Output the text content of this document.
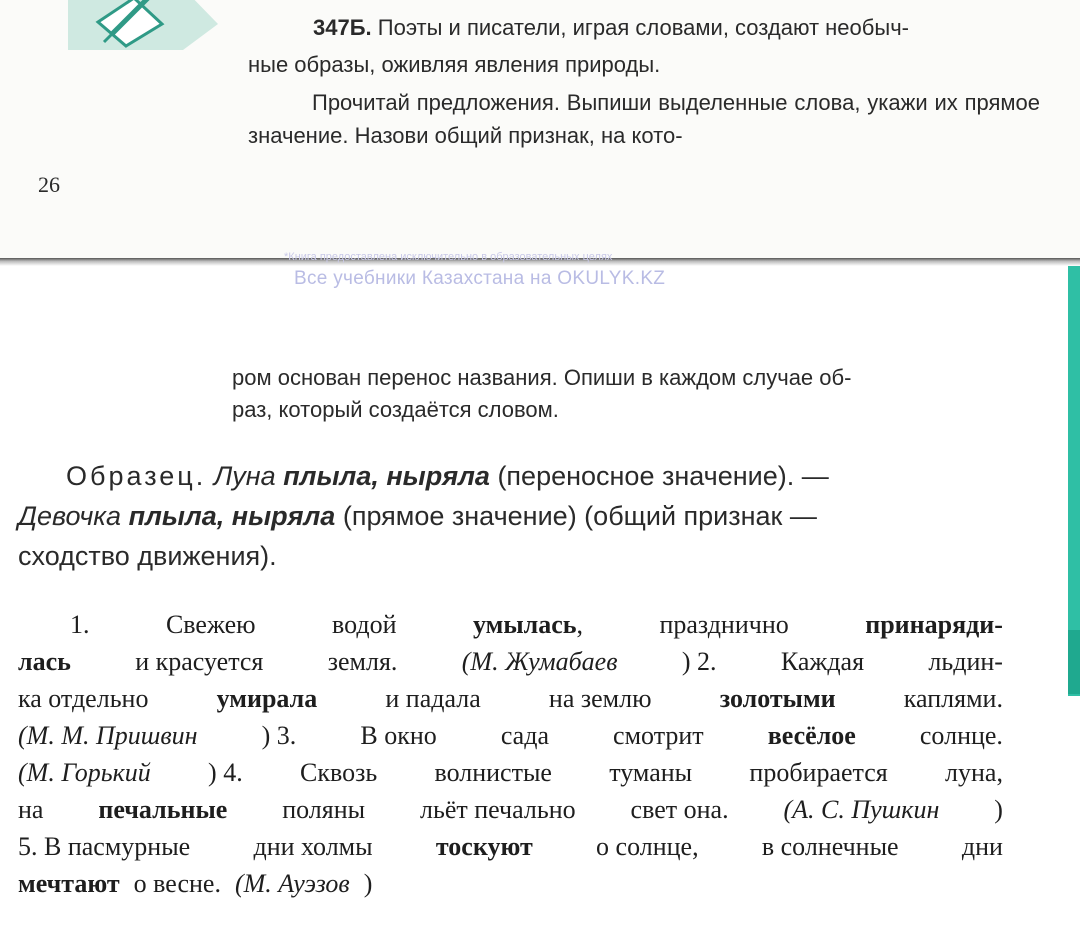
347Б. Поэты и писатели, играя словами, создают необыч-
ные образы, оживляя явления природы.
Прочитай предложения. Выпиши выделенные слова, укажи их прямое значение. Назови общий признак, на кото-
26
*Книга предоставлена исключительно в образовательных целях
Все учебники Казахстана на OKULYK.KZ
ром основан перенос названия. Опиши в каждом случае об-
раз, который создаётся словом.
Образец. Луна плыла, ныряла (переносное значение). —
Девочка плыла, ныряла (прямое значение) (общий признак —
сходство движения).
1.	Свежею	водой	умылась,	празднично	принаряди-
лась и красуется земля. (М. Жумабаев ) 2. Каждая льдин-
ка отдельно	умирала	и падала	на землю	золотыми	каплями.
(М. М. Пришвин ) 3. В окно сада смотрит весёлое солнце.
(М. Горький ) 4. Сквозь волнистые туманы пробирается луна,
на печальные поляны льёт печально свет она. (А. С. Пушкин )
5. В пасмурные дни холмы тоскуют о солнце, в солнечные дни
мечтают о весне. (М. Ауэзов )
